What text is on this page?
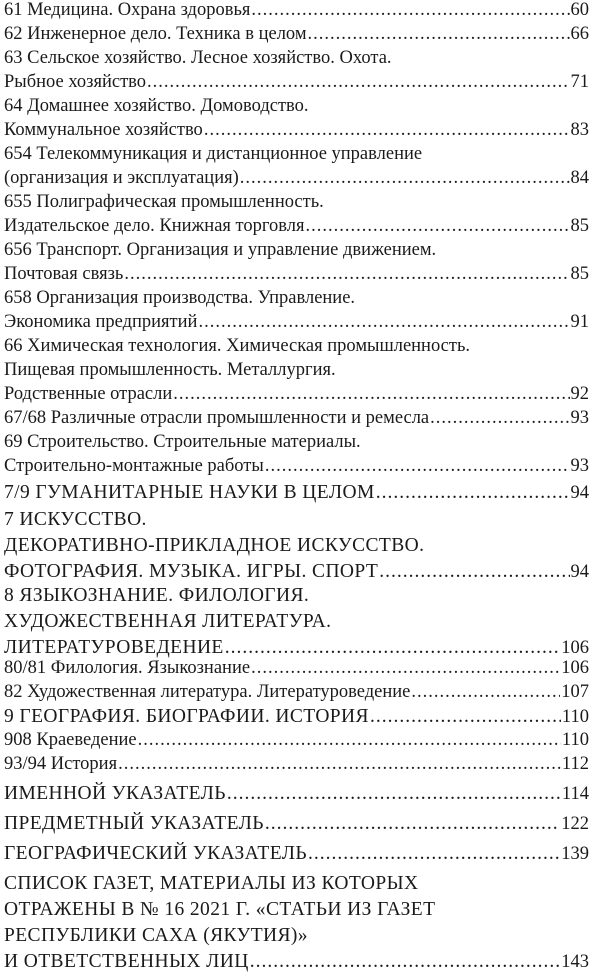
61 Медицина. Охрана здоровья .....	60
62 Инженерное дело. Техника в целом .....	66
63 Сельское хозяйство. Лесное хозяйство. Охота.
Рыбное хозяйство .....	71
64 Домашнее хозяйство. Домоводство.
Коммунальное хозяйство .....	83
654 Телекоммуникация и дистанционное управление
(организация и эксплуатация) .....	84
655 Полиграфическая промышленность.
Издательское дело. Книжная торговля .....	85
656 Транспорт. Организация и управление движением.
Почтовая связь .....	85
658 Организация производства. Управление.
Экономика предприятий .....	91
66 Химическая технология. Химическая промышленность.
Пищевая промышленность. Металлургия.
Родственные отрасли .....	92
67/68 Различные отрасли промышленности и ремесла .....	93
69 Строительство. Строительные материалы.
Строительно-монтажные работы .....	93
7/9 ГУМАНИТАРНЫЕ НАУКИ В ЦЕЛОМ .....	94
7 ИСКУССТВО.
ДЕКОРАТИВНО-ПРИКЛАДНОЕ ИСКУССТВО.
ФОТОГРАФИЯ. МУЗЫКА. ИГРЫ. СПОРТ .....	94
8 ЯЗЫКОЗНАНИЕ. ФИЛОЛОГИЯ.
ХУДОЖЕСТВЕННАЯ ЛИТЕРАТУРА.
ЛИТЕРАТУРОВЕДЕНИЕ .....	106
80/81 Филология. Языкознание .....	106
82 Художественная литература. Литературоведение .....	107
9 ГЕОГРАФИЯ. БИОГРАФИИ. ИСТОРИЯ .....	110
908 Краеведение .....	110
93/94 История .....	112
ИМЕННОЙ УКАЗАТЕЛЬ .....	114
ПРЕДМЕТНЫЙ УКАЗАТЕЛЬ .....	122
ГЕОГРАФИЧЕСКИЙ УКАЗАТЕЛЬ .....	139
СПИСОК ГАЗЕТ, МАТЕРИАЛЫ ИЗ КОТОРЫХ
ОТРАЖЕНЫ В № 16 2021 Г. «СТАТЬИ ИЗ ГАЗЕТ
РЕСПУБЛИКИ САХА (ЯКУТИЯ)»
И ОТВЕТСТВЕННЫХ ЛИЦ .....	143
